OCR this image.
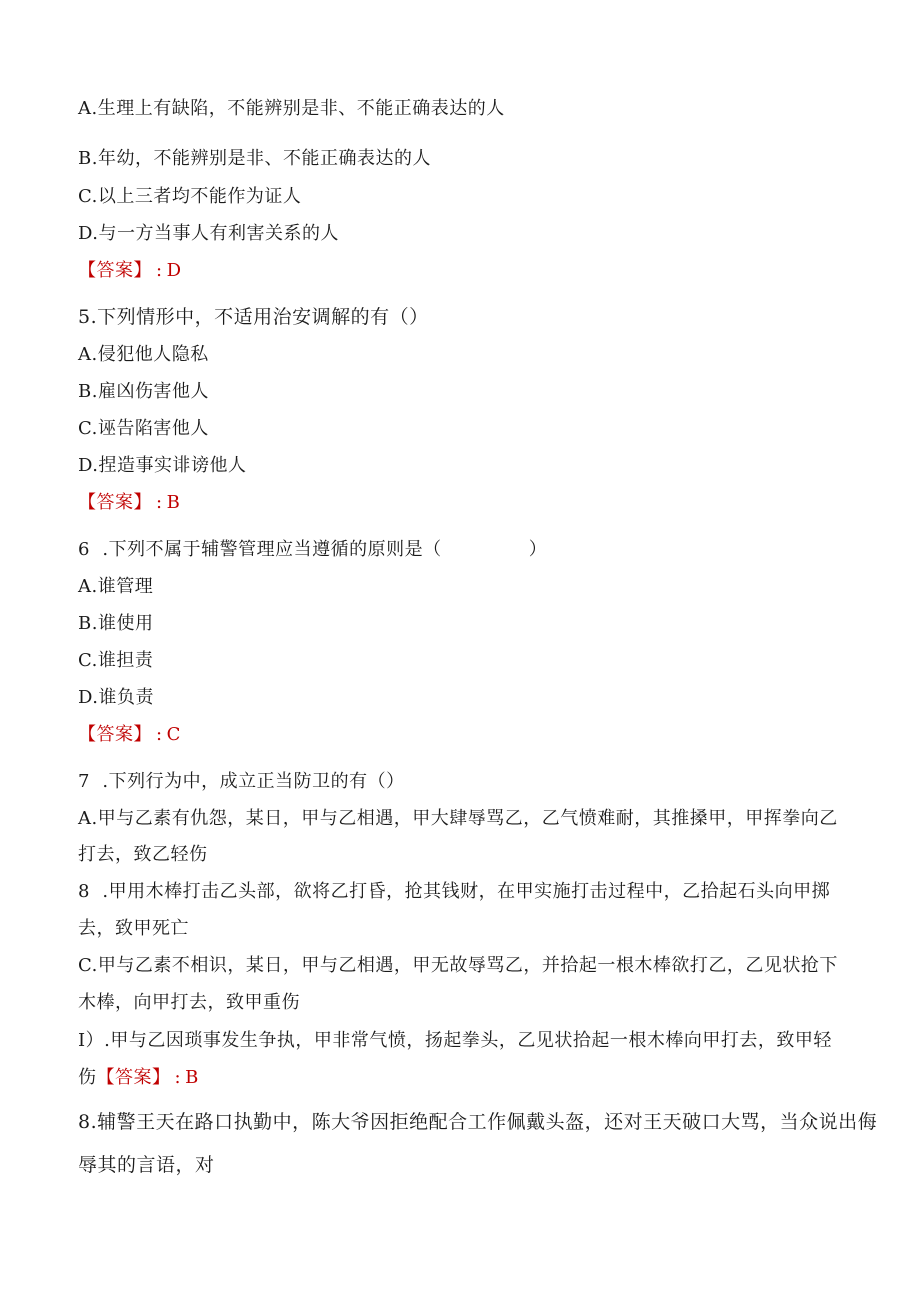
A.生理上有缺陷，不能辨别是非、不能正确表达的人
B.年幼，不能辨别是非、不能正确表达的人
C.以上三者均不能作为证人
D.与一方当事人有利害关系的人
【答案】 : D
5.下列情形中，不适用治安调解的有（）
A.侵犯他人隐私
B.雇凶伤害他人
C.诬告陷害他人
D.捏造事实诽谤他人
【答案】 : B
6  .下列不属于辅警管理应当遵循的原则是（              ）
A.谁管理
B.谁使用
C.谁担责
D.谁负责
【答案】 : C
7  .下列行为中，成立正当防卫的有（）
A.甲与乙素有仇怨，某日，甲与乙相遇，甲大肆辱骂乙，乙气愤难耐，其推搡甲，甲挥拳向乙
打去，致乙轻伤
8  .甲用木棒打击乙头部，欲将乙打昏，抢其钱财，在甲实施打击过程中，乙拾起石头向甲掷
去，致甲死亡
C.甲与乙素不相识，某日，甲与乙相遇，甲无故辱骂乙，并拾起一根木棒欲打乙，乙见状抢下
木棒，向甲打去，致甲重伤
I）.甲与乙因琐事发生争执，甲非常气愤，扬起拳头，乙见状拾起一根木棒向甲打去，致甲轻
伤【答案】 : B
8.辅警王天在路口执勤中，陈大爷因拒绝配合工作佩戴头盔，还对王天破口大骂，当众说出侮
辱其的言语，对
